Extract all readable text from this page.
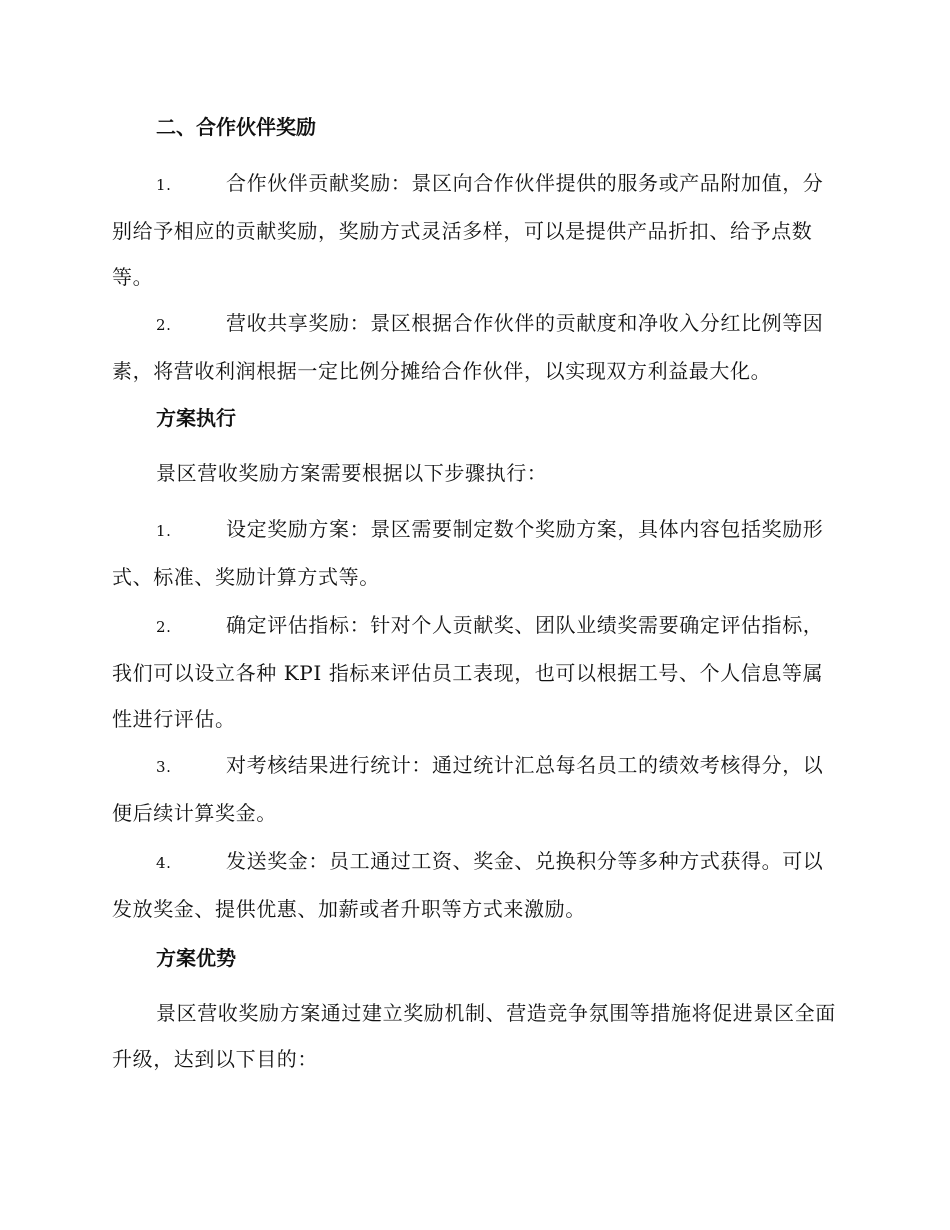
二、合作伙伴奖励

1.	合作伙伴贡献奖励：景区向合作伙伴提供的服务或产品附加值，分别给予相应的贡献奖励，奖励方式灵活多样，可以是提供产品折扣、给予点数等。

2.	营收共享奖励：景区根据合作伙伴的贡献度和净收入分红比例等因素，将营收利润根据一定比例分摊给合作伙伴，以实现双方利益最大化。

方案执行

景区营收奖励方案需要根据以下步骤执行：

1.	设定奖励方案：景区需要制定数个奖励方案，具体内容包括奖励形式、标准、奖励计算方式等。

2.	确定评估指标：针对个人贡献奖、团队业绩奖需要确定评估指标，我们可以设立各种 KPI 指标来评估员工表现，也可以根据工号、个人信息等属性进行评估。

3.	对考核结果进行统计：通过统计汇总每名员工的绩效考核得分，以便后续计算奖金。

4.	发送奖金：员工通过工资、奖金、兑换积分等多种方式获得。可以发放奖金、提供优惠、加薪或者升职等方式来激励。

方案优势

景区营收奖励方案通过建立奖励机制、营造竞争氛围等措施将促进景区全面升级，达到以下目的：
